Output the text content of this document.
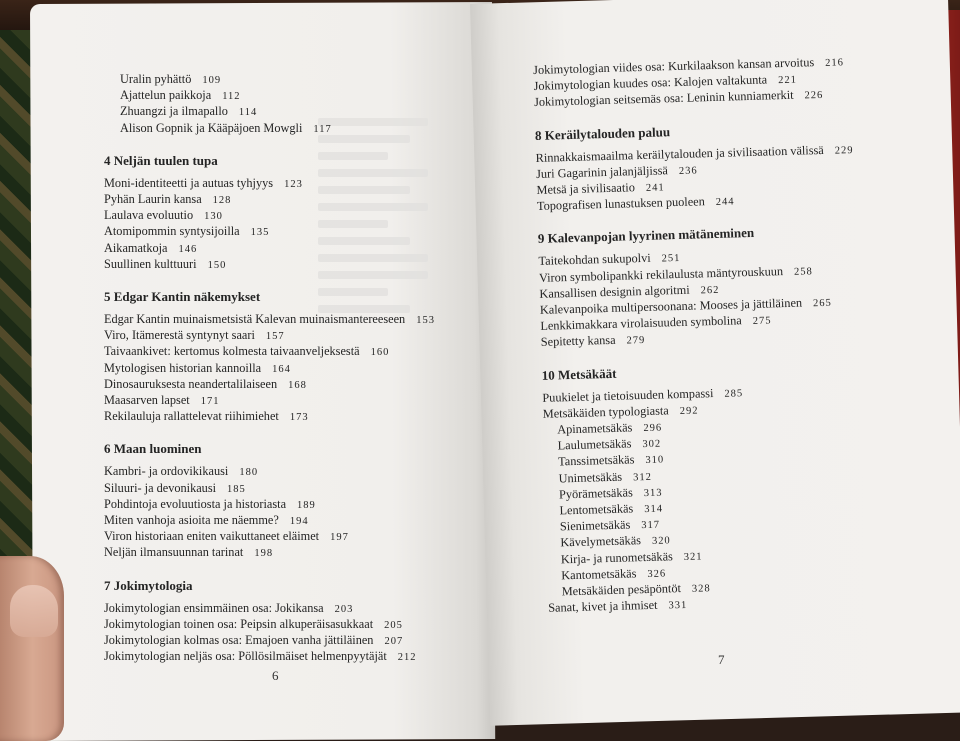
Uralin pyhättö 109
Ajattelun paikkoja 112
Zhuangzi ja ilmapallo 114
Alison Gopnik ja Kääpäjoen Mowgli 117
4 Neljän tuulen tupa
Moni-identiteetti ja autuas tyhjyys 123
Pyhän Laurin kansa 128
Laulava evoluutio 130
Atomipommin syntysijoilla 135
Aikamatkoja 146
Suullinen kulttuuri 150
5 Edgar Kantin näkemykset
Edgar Kantin muinaismetsistä Kalevan muinaismantereeseen 153
Viro, Itämerestä syntynyt saari 157
Taivaankivet: kertomus kolmesta taivaanveljeksestä 160
Mytologisen historian kannoilla 164
Dinosauruksesta neandertalilaiseen 168
Maasarven lapset 171
Rekilauluja rallattelevat riihimiehet 173
6 Maan luominen
Kambri- ja ordovikikausi 180
Siluuri- ja devonikausi 185
Pohdintoja evoluutiosta ja historiasta 189
Miten vanhoja asioita me näemme? 194
Viron historiaan eniten vaikuttaneet eläimet 197
Neljän ilmansuunnan tarinat 198
7 Jokimytologia
Jokimytologian ensimmäinen osa: Jokikansa 203
Jokimytologian toinen osa: Peipsin alkuperäisasukkaat 205
Jokimytologian kolmas osa: Emajoen vanha jättiläinen 207
Jokimytologian neljäs osa: Pöllösilmäiset helmenpyytäjät 212
6
Jokimytologian viides osa: Kurkilaakson kansan arvoitus 216
Jokimytologian kuudes osa: Kalojen valtakunta 221
Jokimytologian seitsemäs osa: Leninin kunniamerkit 226
8 Keräilytalouden paluu
Rinnakkaismaailma keräilytalouden ja sivilisaation välissä 229
Juri Gagarinin jalanjäljissä 236
Metsä ja sivilisaatio 241
Topografisen lunastuksen puoleen 244
9 Kalevanpojan lyyrinen mätäneminen
Taitekohdan sukupolvi 251
Viron symbolipankki rekilaulusta mäntyrouskuun 258
Kansallisen designin algoritmi 262
Kalevanpoika multipersoonana: Mooses ja jättiläinen 265
Lenkkimakkara virolaisuuden symbolina 275
Sepitetty kansa 279
10 Metsäkäät
Puukielet ja tietoisuuden kompassi 285
Metsäkäiden typologiasta 292
Apinametsäkäs 296
Laulumetsäkäs 302
Tanssimetsäkäs 310
Unimetsäkäs 312
Pyörämetsäkäs 313
Lentometsäkäs 314
Sienimetsäkäs 317
Kävelymetsäkäs 320
Kirja- ja runometsäkäs 321
Kantometsäkäs 326
Metsäkäiden pesäpöntöt 328
Sanat, kivet ja ihmiset 331
7
